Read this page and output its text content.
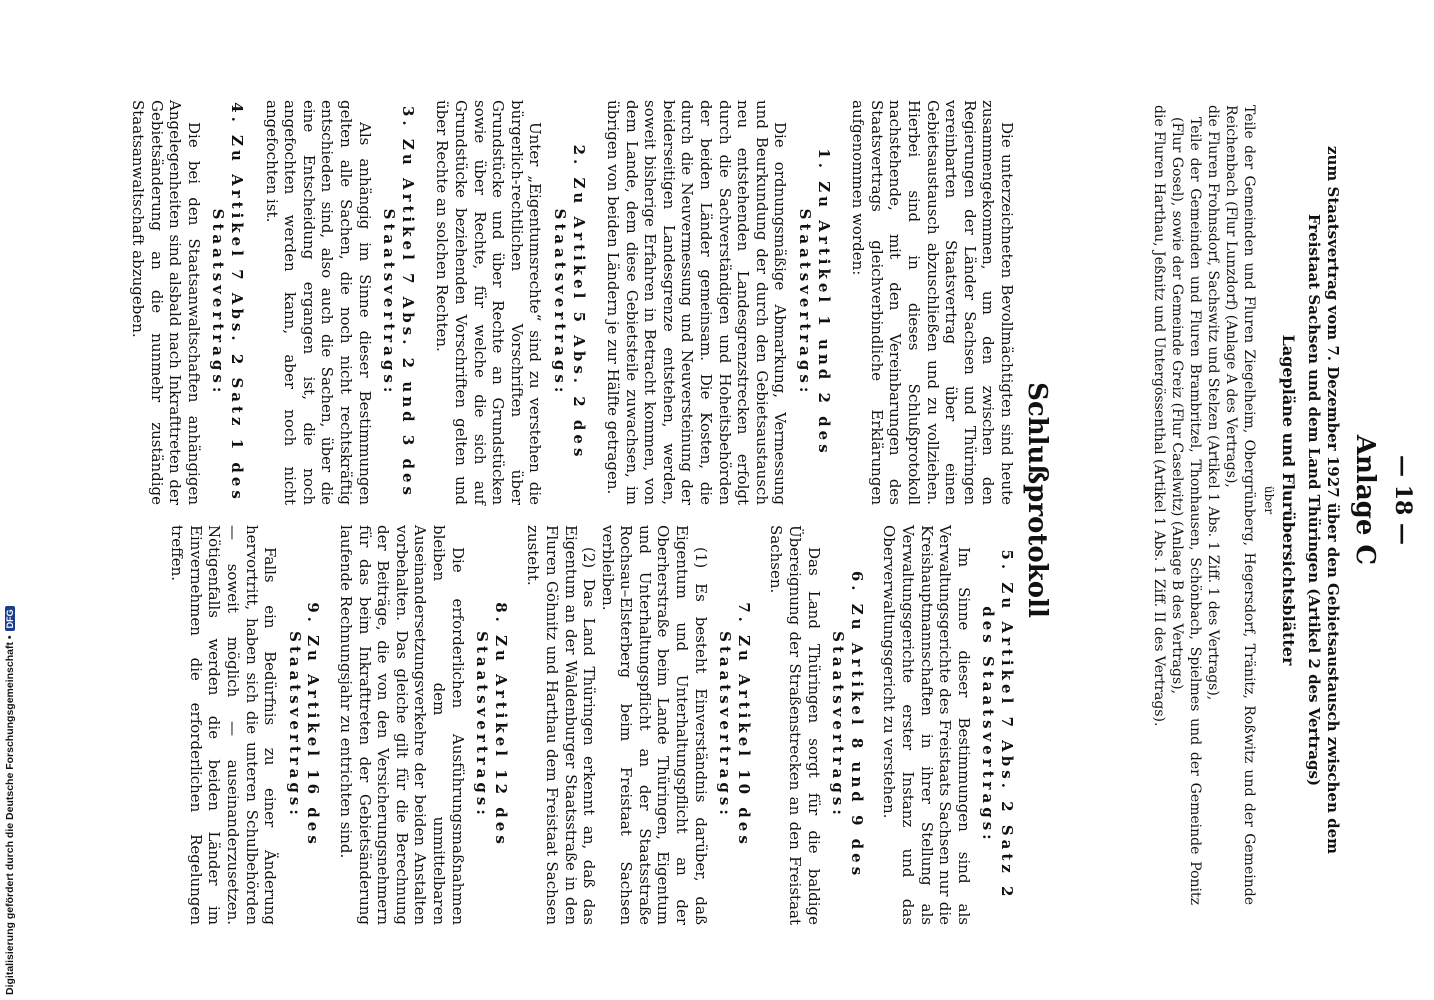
— 18 —
Anlage C
zum Staatsvertrag vom 7. Dezember 1927 über den Gebietsaustausch zwischen dem Freistaat Sachsen und dem Land Thüringen (Artikel 2 des Vertrags)
Lagepläne und Flurübersichtsblätter
über

Teile der Gemeinden und Fluren Ziegelheim, Obergrünberg, Hegersdorf, Tränitz, Roßwitz und der Gemeinde Reichenbach (Flur Lunzdorf) (Anlage A des Vertrags),

die Fluren Frohnsdorf, Sachswitz und Stelzen (Artikel 1 Abs. 1 Ziff. 1 des Vertrags),

Teile der Gemeinden und Fluren Brambritzel, Thonhausen, Schönbach, Spielmes und der Gemeinde Ponitz (Flur Gosel), sowie der Gemeinde Greiz (Flur Caselwitz) (Anlage B des Vertrags),

die Fluren Harthau, Jeßnitz und Untergössenthal (Artikel 1 Abs. 1 Ziff. II des Vertrags).

Schlußprotokoll
Die unterzeichneten Bevollmächtigten sind heute zusammengekommen, um den zwischen den Regierungen der Länder Sachsen und Thüringen vereinbarten Staatsvertrag über einen Gebietsaustausch abzuschließen und zu vollziehen. Hierbei sind in dieses Schlußprotokoll nachstehende, mit den Vereinbarungen des Staatsvertrags gleichverbindliche Erklärungen aufgenommen worden:
1. Zu Artikel 1 und 2 des Staatsvertrags:
Die ordnungsmäßige Abmarkung, Vermessung und Beurkundung der durch den Gebietsaustausch neu entstehenden Landesgrenzstrecken erfolgt durch die Sachverständigen und Hoheitsbehörden der beiden Länder gemeinsam. Die Kosten, die durch die Neuvermessung und Neuversteinung der beiderseitigen Landesgrenze entstehen, werden, soweit bisherige Erfahren in Betracht kommen, von dem Lande, dem diese Gebietsteile zuwachsen, im übrigen von beiden Ländern je zur Hälfte getragen.
2. Zu Artikel 5 Abs. 2 des Staatsvertrags:
Unter „Eigentumsrechte“ sind zu verstehen die bürgerlich-rechtlichen Vorschriften über Grundstücke und über Rechte an Grundstücken sowie über Rechte, für welche die sich auf Grundstücke beziehenden Vorschriften gelten und über Rechte an solchen Rechten.
3. Zu Artikel 7 Abs. 2 und 3 des Staatsvertrags:
Als anhängig im Sinne dieser Bestimmungen gelten alle Sachen, die noch nicht rechtskräftig entschieden sind, also auch die Sachen, über die eine Entscheidung ergangen ist, die noch angefochten werden kann, aber noch nicht angefochten ist.
4. Zu Artikel 7 Abs. 2 Satz 1 des Staatsvertrags:
Die bei den Staatsanwaltschaften anhängigen Angelegenheiten sind alsbald nach Inkrafttreten der Gebietsänderung an die nunmehr zuständige Staatsanwaltschaft abzugeben.
5. Zu Artikel 7 Abs. 2 Satz 2 des Staatsvertrags:
Im Sinne dieser Bestimmungen sind als Verwaltungsgerichte des Freistaats Sachsen nur die Kreishauptmannschaften in ihrer Stellung als Verwaltungsgerichte erster Instanz und das Oberverwaltungsgericht zu verstehen.
6. Zu Artikel 8 und 9 des Staatsvertrags:
Das Land Thüringen sorgt für die baldige Übereignung der Straßenstrecken an den Freistaat Sachsen.
7. Zu Artikel 10 des Staatsvertrags:
(1) Es besteht Einverständnis darüber, daß Eigentum und Unterhaltungspflicht an der Oberherstraße beim Lande Thüringen, Eigentum und Unterhaltungspflicht an der Staatsstraße Rochsau–Elsterberg beim Freistaat Sachsen verbleiben.
(2) Das Land Thüringen erkennt an, daß das Eigentum an der Waldenburger Staatsstraße in den Fluren Göhnitz und Harthau dem Freistaat Sachsen zusteht.
8. Zu Artikel 12 des Staatsvertrags:
Die erforderlichen Ausführungsmaßnahmen bleiben dem unmittelbaren Auseinandersetzungsverkehre der beiden Anstalten vorbehalten. Das gleiche gilt für die Berechnung der Beiträge, die von den Versicherungsnehmern für das beim Inkrafttreten der Gebietsänderung laufende Rechnungsjahr zu entrichten sind.
9. Zu Artikel 16 des Staatsvertrags:
Falls ein Bedürfnis zu einer Änderung hervortritt, haben sich die unteren Schulbehörden — soweit möglich — auseinanderzusetzen. Nötigenfalls werden die beiden Länder im Einvernehmen die erforderlichen Regelungen treffen.
Digitalisierung gefördert durch die Deutsche Forschungsgemeinschaft •DFG
